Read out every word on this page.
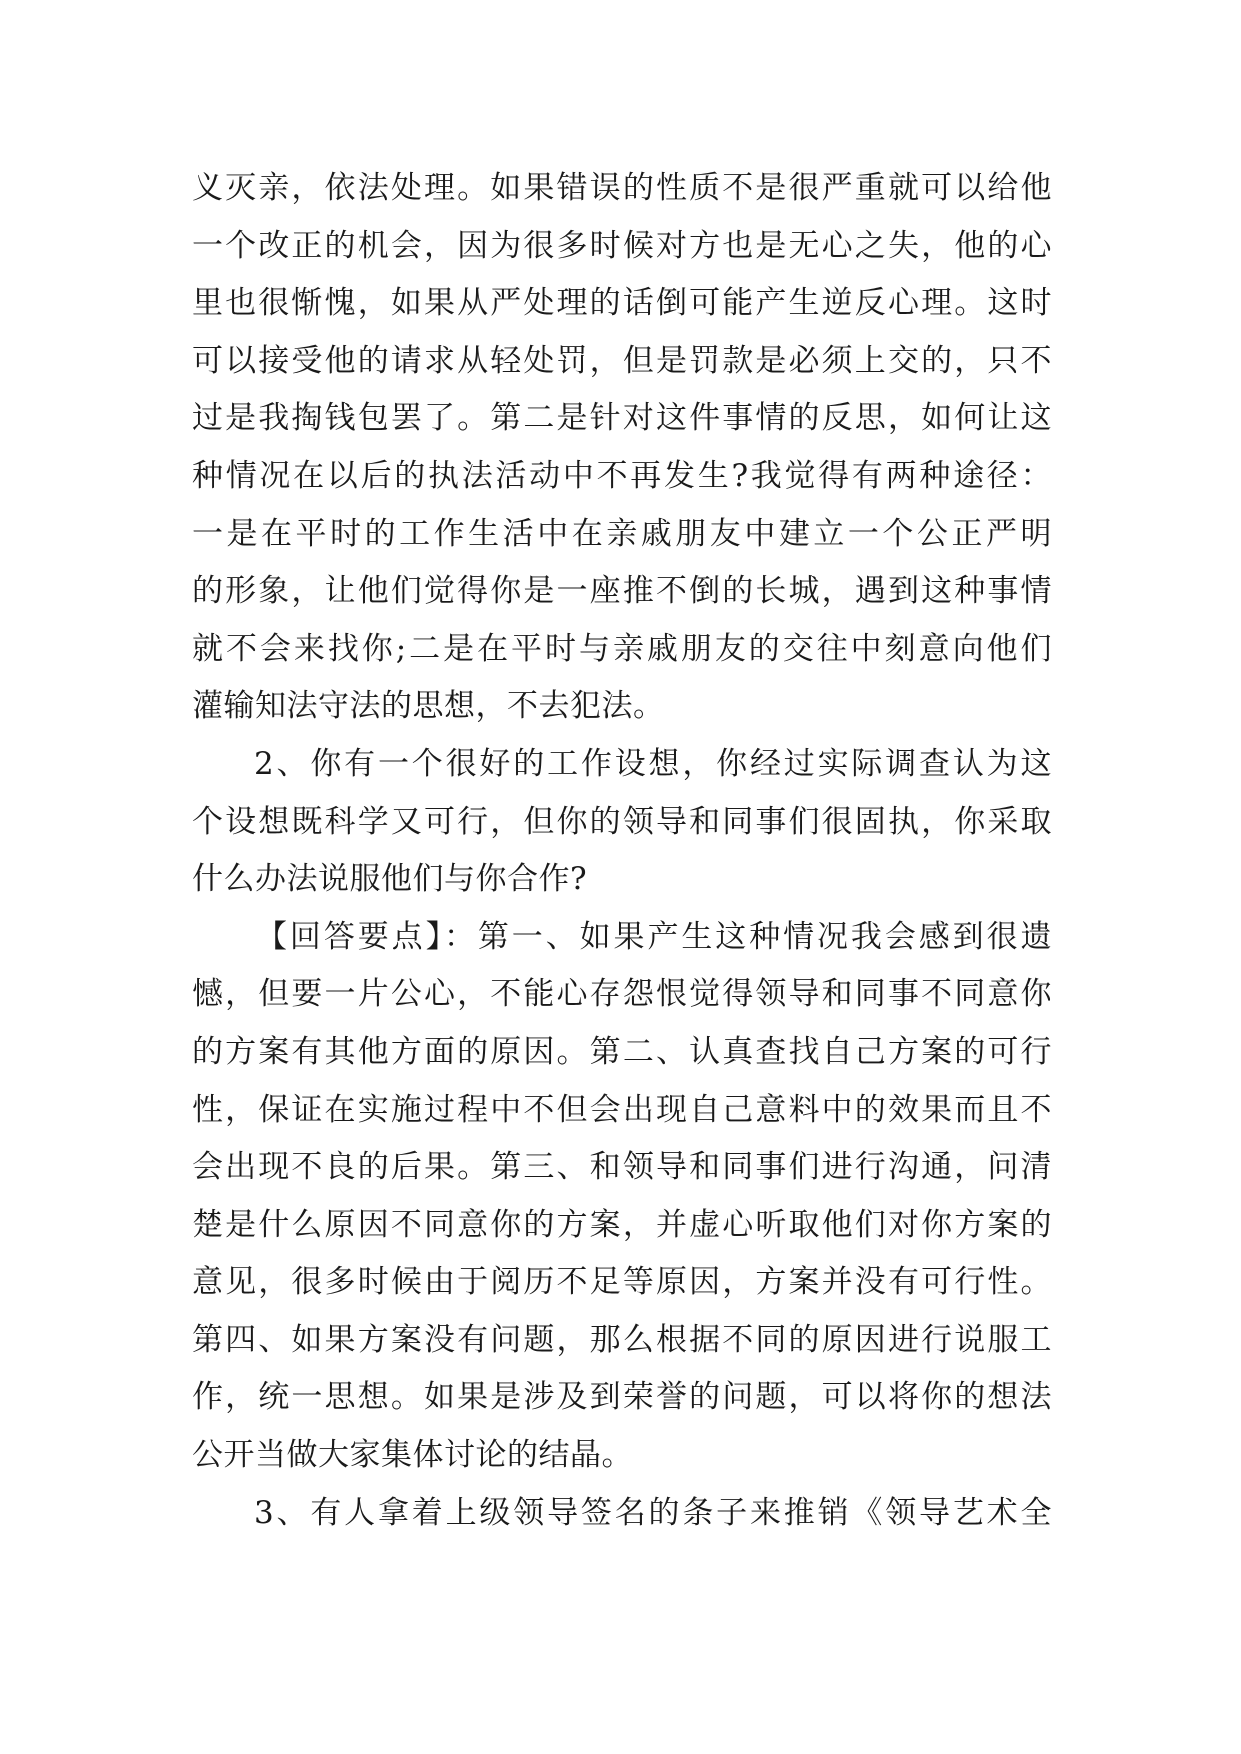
义灭亲，依法处理。如果错误的性质不是很严重就可以给他
一个改正的机会，因为很多时候对方也是无心之失，他的心
里也很惭愧，如果从严处理的话倒可能产生逆反心理。这时
可以接受他的请求从轻处罚，但是罚款是必须上交的，只不
过是我掏钱包罢了。第二是针对这件事情的反思，如何让这
种情况在以后的执法活动中不再发生?我觉得有两种途径：
一是在平时的工作生活中在亲戚朋友中建立一个公正严明
的形象，让他们觉得你是一座推不倒的长城，遇到这种事情
就不会来找你;二是在平时与亲戚朋友的交往中刻意向他们
灌输知法守法的思想，不去犯法。
2、你有一个很好的工作设想，你经过实际调查认为这
个设想既科学又可行，但你的领导和同事们很固执，你采取
什么办法说服他们与你合作?
【回答要点】：第一、如果产生这种情况我会感到很遗
憾，但要一片公心，不能心存怨恨觉得领导和同事不同意你
的方案有其他方面的原因。第二、认真查找自己方案的可行
性，保证在实施过程中不但会出现自己意料中的效果而且不
会出现不良的后果。第三、和领导和同事们进行沟通，问清
楚是什么原因不同意你的方案，并虚心听取他们对你方案的
意见，很多时候由于阅历不足等原因，方案并没有可行性。
第四、如果方案没有问题，那么根据不同的原因进行说服工
作，统一思想。如果是涉及到荣誉的问题，可以将你的想法
公开当做大家集体讨论的结晶。
3、有人拿着上级领导签名的条子来推销《领导艺术全
